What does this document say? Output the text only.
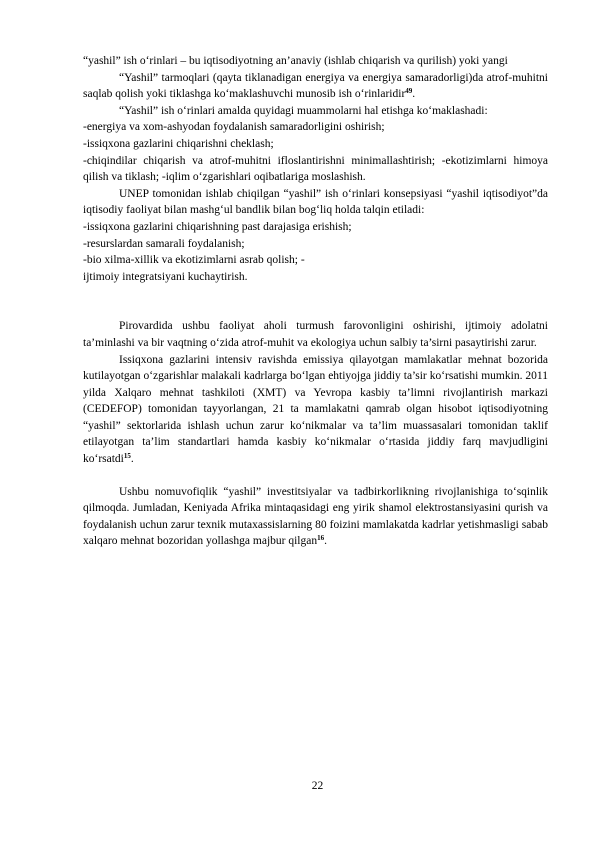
“yashil” ish o‘rinlari – bu iqtisodiyotning an’anaviy (ishlab chiqarish va qurilish) yoki yangi

“Yashil” tarmoqlari (qayta tiklanadigan energiya va energiya samaradorligi)da atrof-muhitni saqlab qolish yoki tiklashga ko‘maklashuvchi munosib ish o‘rinlaridir$^{49}$.

“Yashil” ish o‘rinlari amalda quyidagi muammolarni hal etishga ko‘maklashadi:

-energiya va xom-ashyodan foydalanish samaradorligini oshirish;

-issiqxona gazlarini chiqarishni cheklash;

-chiqindilar chiqarish va atrof-muhitni ifloslantirishni minimallashtirish; -ekotizimlarni himoya qilish va tiklash; -iqlim o‘zgarishlari oqibatlariga moslashish.

UNEP tomonidan ishlab chiqilgan “yashil” ish o‘rinlari konsepsiyasi “yashil iqtisodiyot”da iqtisodiy faoliyat bilan mashg‘ul bandlik bilan bog‘liq holda talqin etiladi:

-issiqxona gazlarini chiqarishning past darajasiga erishish;

-resurslardan samarali foydalanish;

-bio xilma-xillik va ekotizimlarni asrab qolish; -

ijtimoiy integratsiyani kuchaytirish.

Pirovardida ushbu faoliyat aholi turmush farovonligini oshirishi, ijtimoiy adolatni ta’minlashi va bir vaqtning o‘zida atrof-muhit va ekologiya uchun salbiy ta’sirni pasaytirishi zarur.

Issiqxona gazlarini intensiv ravishda emissiya qilayotgan mamlakatlar mehnat bozorida kutilayotgan o‘zgarishlar malakali kadrlarga bo‘lgan ehtiyojga jiddiy ta’sir ko‘rsatishi mumkin. 2011 yilda Xalqaro mehnat tashkiloti (XMT) va Yevropa kasbiy ta’limni rivojlantirish markazi (CEDEFOP) tomonidan tayyorlangan, 21 ta mamlakatni qamrab olgan hisobot iqtisodiyotning “yashil” sektorlarida ishlash uchun zarur ko‘nikmalar va ta’lim muassasalari tomonidan taklif etilayotgan ta’lim standartlari hamda kasbiy ko‘nikmalar o‘rtasida jiddiy farq mavjudligini ko‘rsatdi$^{15}$.

Ushbu nomuvofiqlik “yashil” investitsiyalar va tadbirkorlikning rivojlanishiga to‘sqinlik qilmoqda. Jumladan, Keniyada Afrika mintaqasidagi eng yirik shamol elektrostansiyasini qurish va foydalanish uchun zarur texnik mutaxassislarning 80 foizini mamlakatda kadrlar yetishmasligi sabab xalqaro mehnat bozoridan yollashga majbur qilgan$^{16}$.

22
